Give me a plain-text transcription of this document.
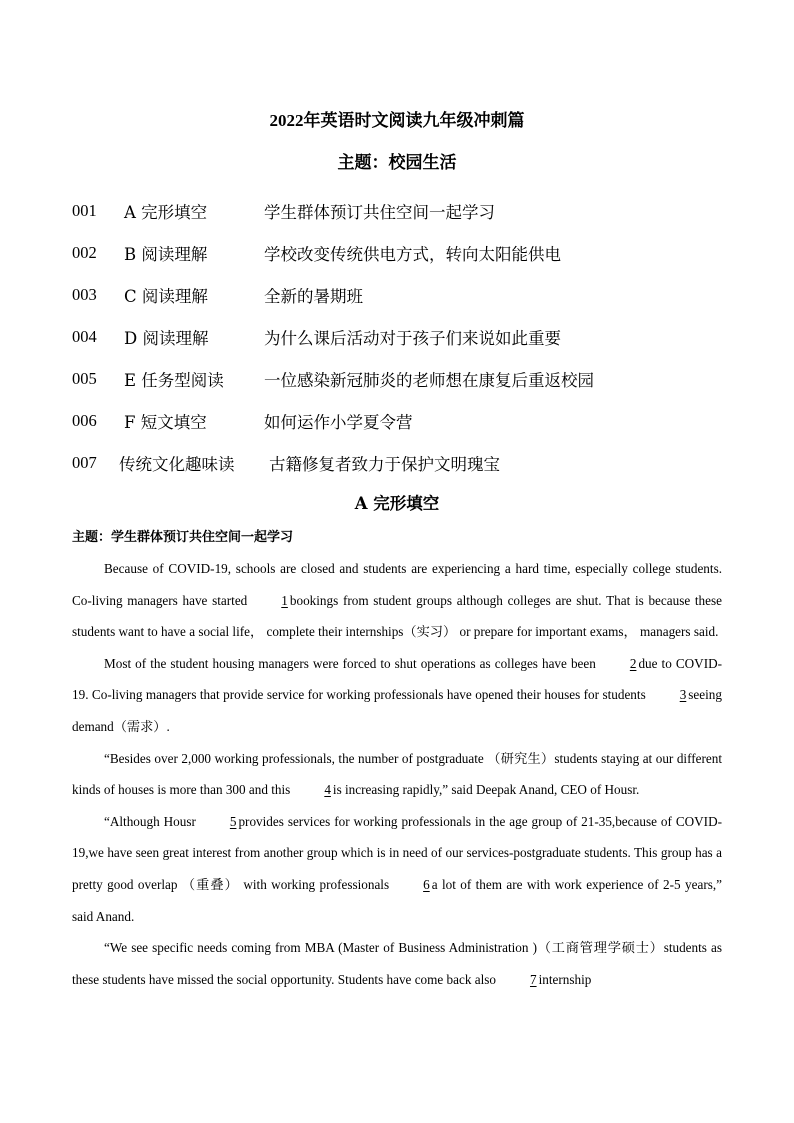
2022年英语时文阅读九年级冲刺篇
主题：校园生活
001	A 完形填空	学生群体预订共住空间一起学习
002	B 阅读理解	学校改变传统供电方式，转向太阳能供电
003	C 阅读理解	全新的暑期班
004	D 阅读理解	为什么课后活动对于孩子们来说如此重要
005	E 任务型阅读	一位感染新冠肺炎的老师想在康复后重返校园
006	F 短文填空	如何运作小学夏令营
007	传统文化趣味读	古籍修复者致力于保护文明瑰宝
A 完形填空
主题：学生群体预订共住空间一起学习

Because of COVID-19, schools are closed and students are experiencing a hard time, especially college students. Co-living managers have started	1 bookings from student groups although colleges are shut. That is because these students want to have a social life， complete their internships（实习） or prepare for important exams， managers said.

Most of the student housing managers were forced to shut operations as colleges have been	2 due to COVID-19. Co-living managers that provide service for working professionals have opened their houses for students	3 seeing demand（需求）.

“Besides over 2,000 working professionals, the number of postgraduate （研究生）students staying at our different kinds of houses is more than 300 and this	4 is increasing rapidly,” said Deepak Anand, CEO of Housr.

“Although Housr	5 provides services for working professionals in the age group of 21-35,because of COVID-19,we have seen great interest from another group which is in need of our services-postgraduate students. This group has a pretty good overlap （重叠） with working professionals	6 a lot of them are with work experience of 2-5 years,” said Anand.

“We see specific needs coming from MBA (Master of Business Administration )（工商管理学硕士）students as these students have missed the social opportunity. Students have come back also	7 internship
